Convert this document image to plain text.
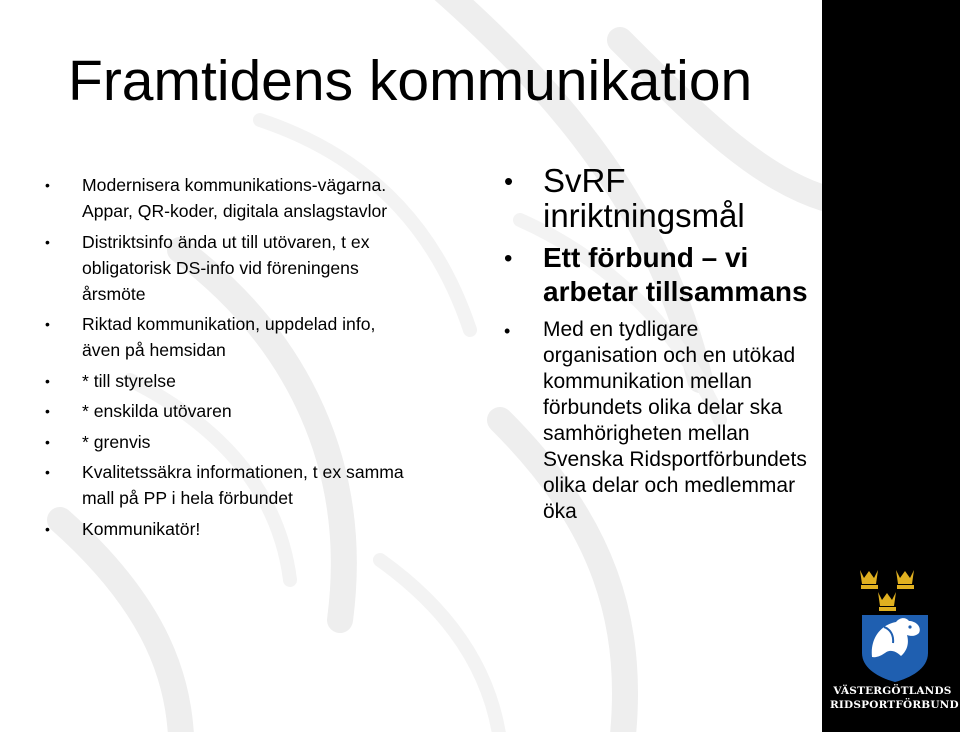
Framtidens kommunikation
• Modernisera kommunikations-vägarna. Appar, QR-koder, digitala anslagstavlor
• Distriktsinfo ända ut till utövaren, t ex obligatorisk DS-info vid föreningens årsmöte
• Riktad kommunikation, uppdelad info, även på hemsidan
• * till styrelse
• * enskilda utövaren
• * grenvis
• Kvalitetssäkra informationen, t ex samma mall på PP i hela förbundet
• Kommunikatör!
• SvRF inriktningsmål
• Ett förbund – vi arbetar tillsammans
• Med en tydligare organisation och en utökad kommunikation mellan förbundets olika delar ska samhörigheten mellan Svenska Ridsportförbundets olika delar och medlemmar öka
VÄSTERGÖTLANDS
RIDSPORTFÖRBUND
